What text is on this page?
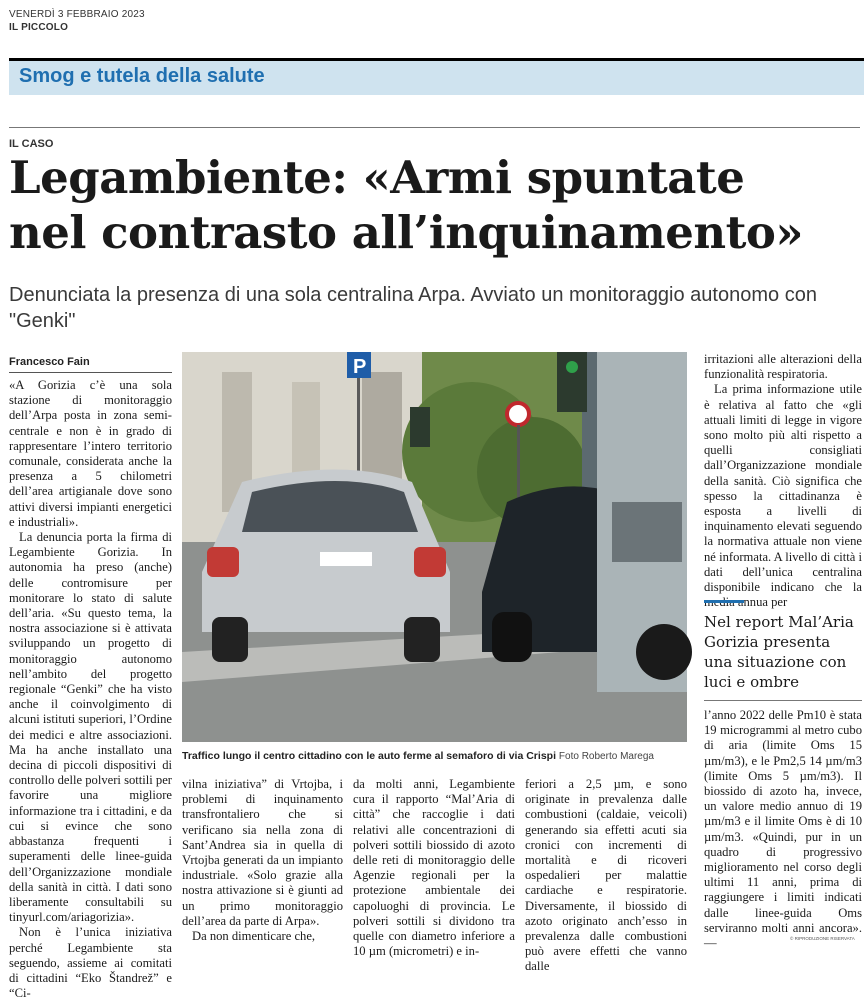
VENERDÌ 3 FEBBRAIO 2023
IL PICCOLO
Smog e tutela della salute
IL CASO
Legambiente: «Armi spuntate
nel contrasto all’inquinamento»
Denunciata la presenza di una sola centralina Arpa. Avviato un monitoraggio autonomo con "Genki"
Francesco Fain

«A Gorizia c’è una sola stazione di monitoraggio dell’Arpa posta in zona semi-centrale e non è in grado di rappresentare l’intero territorio comunale, considerata anche la presenza a 5 chilometri dell’area artigianale dove sono attivi diversi impianti energetici e industriali».

La denuncia porta la firma di Legambiente Gorizia. In autonomia ha preso (anche) delle contromisure per monitorare lo stato di salute dell’aria. «Su questo tema, la nostra associazione si è attivata sviluppando un progetto di monitoraggio autonomo nell’ambito del progetto regionale “Genki” che ha visto anche il coinvolgimento di alcuni istituti superiori, l’Ordine dei medici e altre associazioni. Ma ha anche installato una decina di piccoli dispositivi di controllo delle polveri sottili per favorire una migliore informazione tra i cittadini, e da cui si evince che sono abbastanza frequenti i superamenti delle linee-guida dell’Organizzazione mondiale della sanità in città. I dati sono liberamente consultabili su tinyurl.com/ariagorizia».

Non è l’unica iniziativa perché Legambiente sta seguendo, assieme ai comitati di cittadini “Eko Štandrež” e “Ci-

P
Traffico lungo il centro cittadino con le auto ferme al semaforo di via Crispi Foto Roberto Marega

vilna iniziativa” di Vrtojba, i problemi di inquinamento transfrontaliero che si verificano sia nella zona di Sant’Andrea sia in quella di Vrtojba generati da un impianto industriale. «Solo grazie alla nostra attivazione si è giunti ad un primo monitoraggio dell’area da parte di Arpa».

Da non dimenticare che,

da molti anni, Legambiente cura il rapporto “Mal’Aria di città” che raccoglie i dati relativi alle concentrazioni di polveri sottili biossido di azoto delle reti di monitoraggio delle Agenzie regionali per la protezione ambientale dei capoluoghi di provincia. Le polveri sottili si dividono tra quelle con diametro inferiore a 10 µm (micrometri) e in-

feriori a 2,5 µm, e sono originate in prevalenza dalle combustioni (caldaie, veicoli) generando sia effetti acuti sia cronici con incrementi di mortalità e di ricoveri ospedalieri per malattie cardiache e respiratorie. Diversamente, il biossido di azoto originato anch’esso in prevalenza dalle combustioni può avere effetti che vanno dalle

irritazioni alle alterazioni della funzionalità respiratoria.

La prima informazione utile è relativa al fatto che «gli attuali limiti di legge in vigore sono molto più alti rispetto a quelli consigliati dall’Organizzazione mondiale della sanità. Ciò significa che spesso la cittadinanza è esposta a livelli di inquinamento elevati seguendo la normativa attuale non viene né informata. A livello di città i dati dell’unica centralina disponibile indicano che la media annua per

Nel report Mal’Aria Gorizia presenta una situazione con luci e ombre

l’anno 2022 delle Pm10 è stata 19 microgrammi al metro cubo di aria (limite Oms 15 µm/m3), e le Pm2,5 14 µm/m3 (limite Oms 5 µm/m3). Il biossido di azoto ha, invece, un valore medio annuo di 19 µm/m3 e il limite Oms è di 10 µm/m3. «Quindi, pur in un quadro di progressivo miglioramento nel corso degli ultimi 11 anni, prima di raggiungere i limiti indicati dalle linee-guida Oms serviranno molti anni ancora». —	© RIPRODUZIONE RISERVATA
